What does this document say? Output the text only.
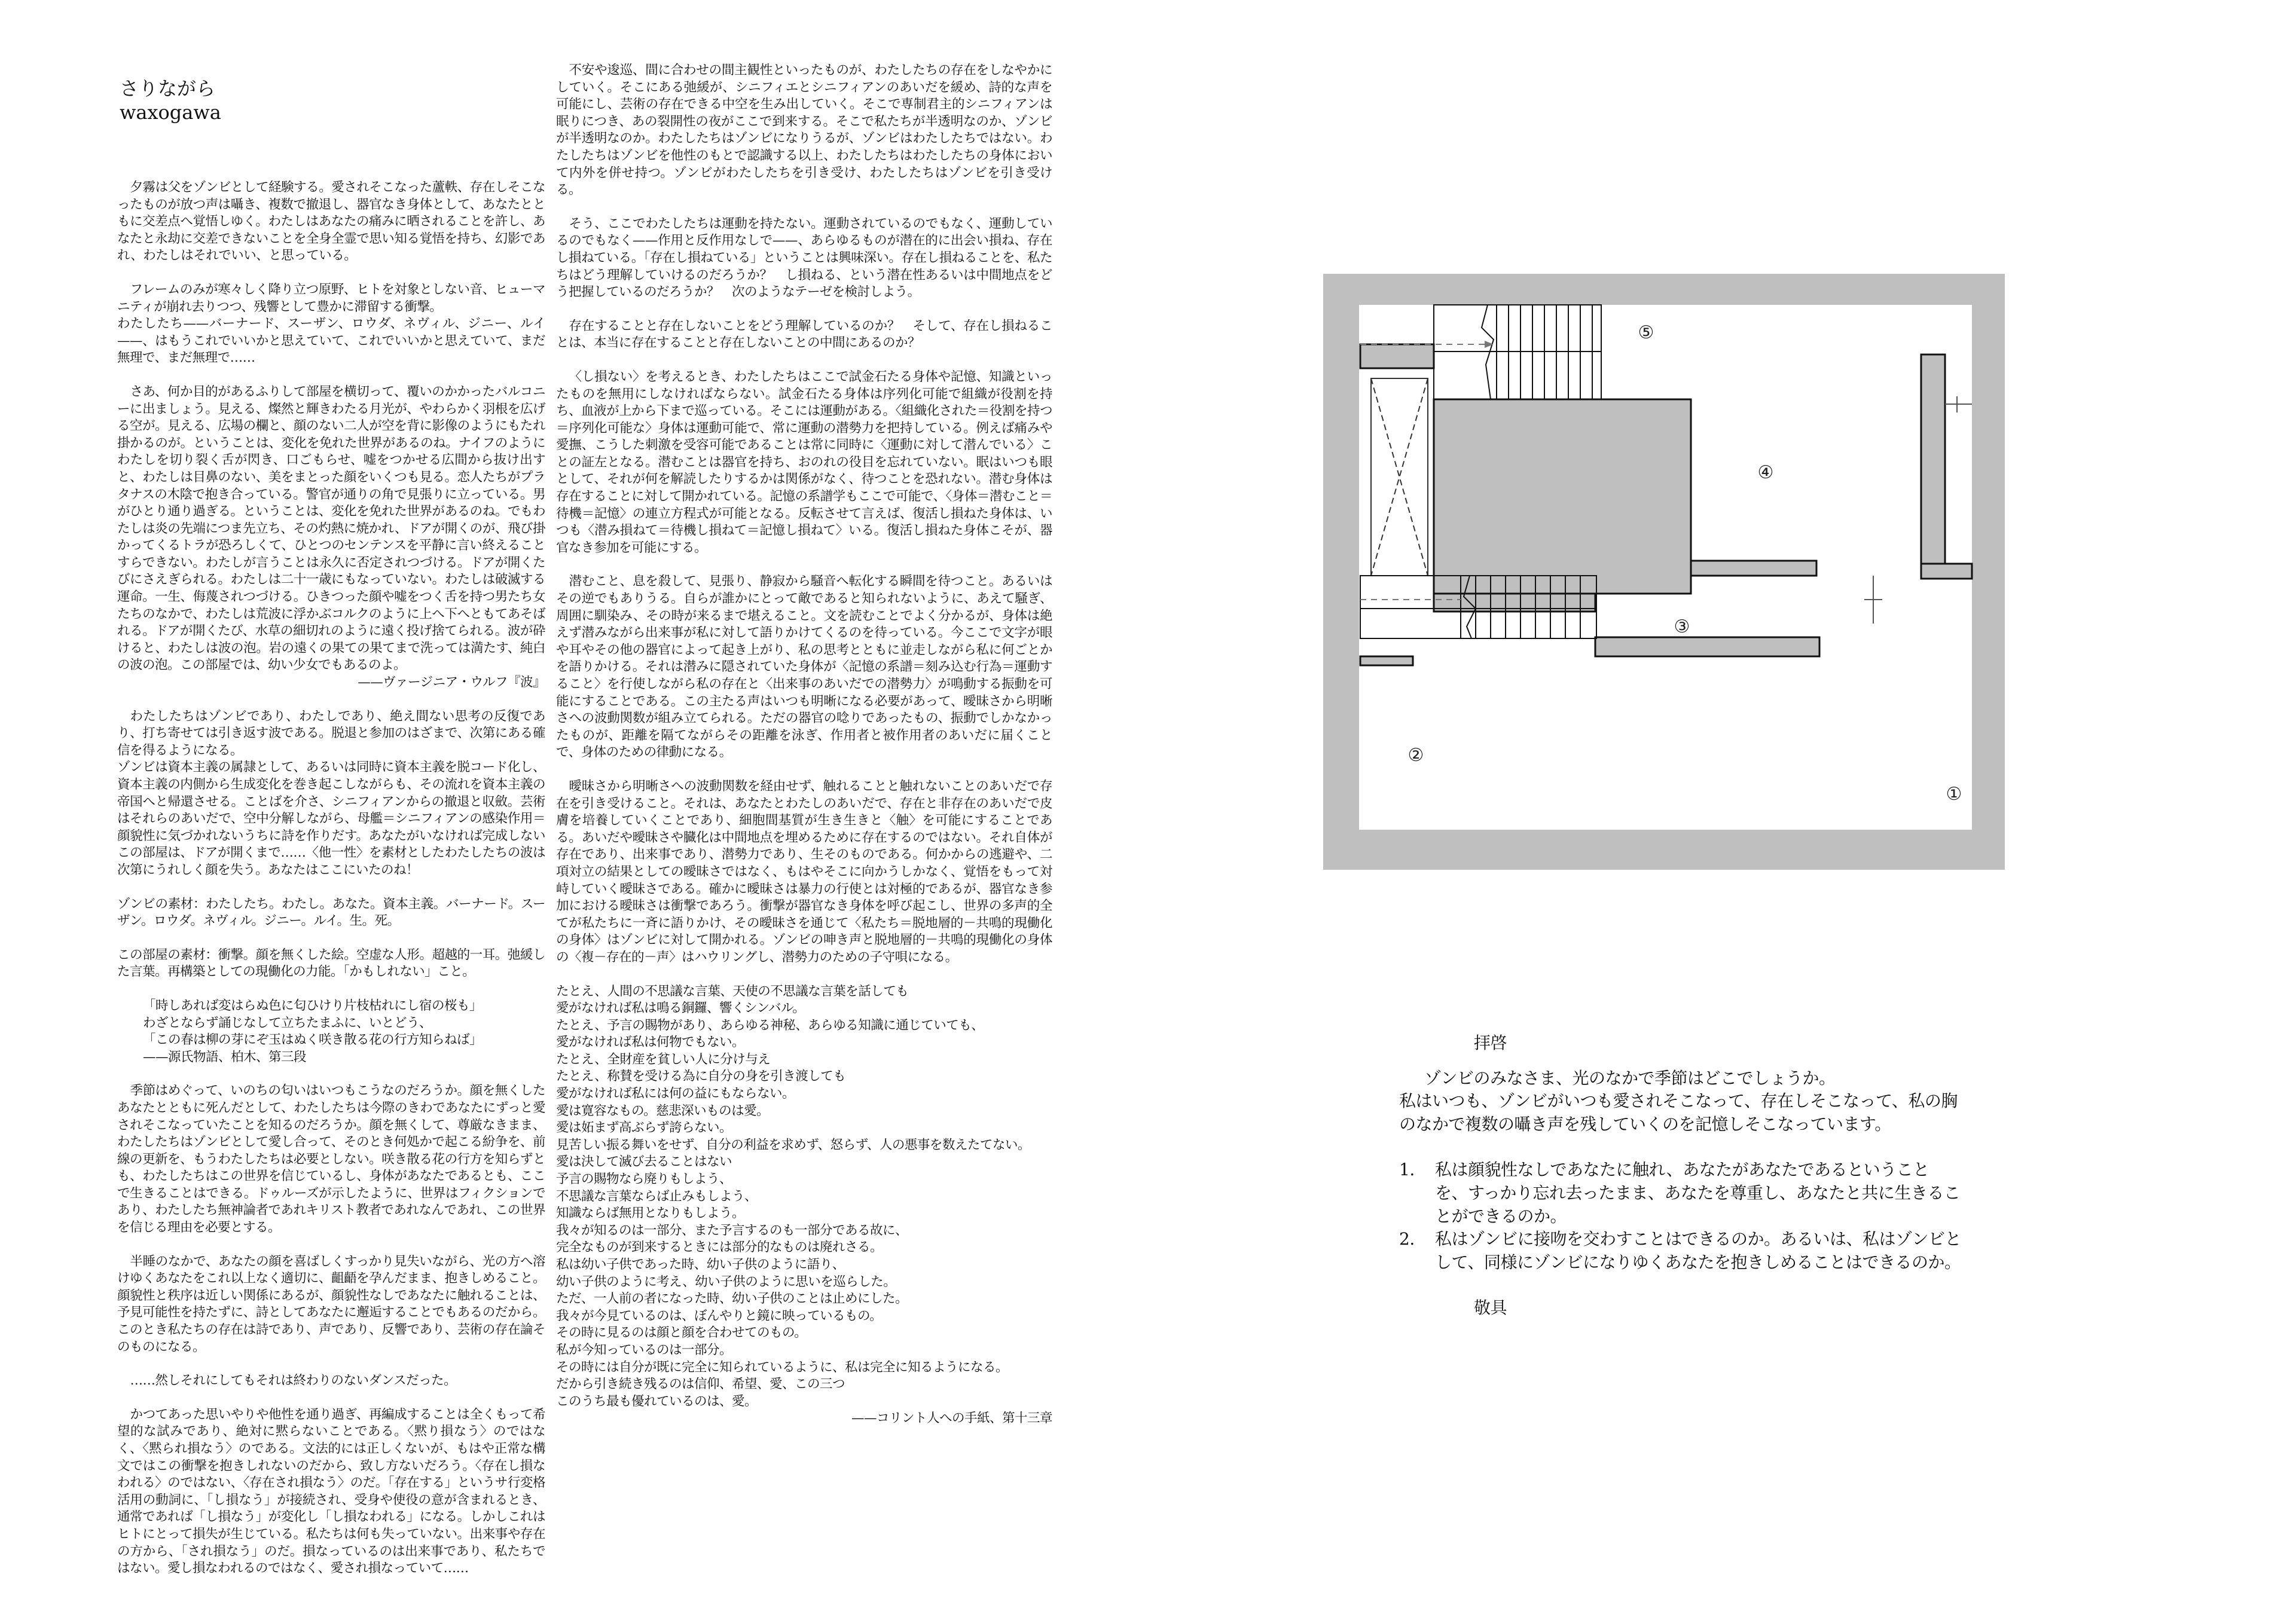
さりながら
waxogawa

夕霧は父をゾンビとして経験する。愛されそこなった蘆軼、存在しそこなったものが放つ声は囁き、複数で撤退し、器官なき身体として、あなたとともに交差点へ覚悟しゆく。わたしはあなたの痛みに晒されることを許し、あなたと永劫に交差できないことを全身全霊で思い知る覚悟を持ち、幻影であれ、わたしはそれでいい、と思っている。

フレームのみが寒々しく降り立つ原野、ヒトを対象としない音、ヒューマニティが崩れ去りつつ、残響として豊かに滞留する衝撃。
わたしたち——バーナード、スーザン、ロウダ、ネヴィル、ジニー、ルイ——、はもうこれでいいかと思えていて、これでいいかと思えていて、まだ無理で、まだ無理で……

さあ、何か目的があるふりして部屋を横切って、覆いのかかったバルコニーに出ましょう。見える、燦然と輝きわたる月光が、やわらかく羽根を広げる空が。見える、広場の欄と、顔のない二人が空を背に影像のようにもたれ掛かるのが。ということは、変化を免れた世界があるのね。ナイフのようにわたしを切り裂く舌が閃き、口ごもらせ、嘘をつかせる広間から抜け出すと、わたしは目鼻のない、美をまとった顔をいくつも見る。恋人たちがプラタナスの木陰で抱き合っている。警官が通りの角で見張りに立っている。男がひとり通り過ぎる。ということは、変化を免れた世界があるのね。でもわたしは炎の先端につま先立ち、その灼熱に焼かれ、ドアが開くのが、飛び掛かってくるトラが恐ろしくて、ひとつのセンテンスを平静に言い終えることすらできない。わたしが言うことは永久に否定されつづける。ドアが開くたびにさえぎられる。わたしは二十一歳にもなっていない。わたしは破滅する運命。一生、侮蔑されつづける。ひきつった顔や嘘をつく舌を持つ男たち女たちのなかで、わたしは荒波に浮かぶコルクのように上へ下へともてあそばれる。ドアが開くたび、水草の細切れのように遠く投げ捨てられる。波が砕けると、わたしは波の泡。岩の遠くの果ての果てまで洗っては満たす、純白の波の泡。この部屋では、幼い少女でもあるのよ。

——ヴァージニア・ウルフ『波』

わたしたちはゾンビであり、わたしであり、絶え間ない思考の反復であり、打ち寄せては引き返す波である。脱退と参加のはざまで、次第にある確信を得るようになる。
ゾンビは資本主義の属隷として、あるいは同時に資本主義を脱コード化し、資本主義の内側から生成変化を巻き起こしながらも、その流れを資本主義の帝国へと帰還させる。ことばを介さ、シニフィアンからの撤退と収斂。芸術はそれらのあいだで、空中分解しながら、母艦＝シニフィアンの感染作用＝顔貌性に気づかれないうちに詩を作りだす。あなたがいなければ完成しないこの部屋は、ドアが開くまで……〈他一性〉を素材としたわたしたちの波は次第にうれしく顔を失う。あなたはここにいたのね！

ゾンビの素材：わたしたち。わたし。あなた。資本主義。バーナード。スーザン。ロウダ。ネヴィル。ジニー。ルイ。生。死。

この部屋の素材：衝撃。顔を無くした絵。空虚な人形。超越的一耳。弛緩した言葉。再構築としての現働化の力能。「かもしれない」こと。

「時しあれば変はらぬ色に匂ひけり片枝枯れにし宿の桜も」
わざとならず誦じなして立ちたまふに、いとどう、
「この春は柳の芽にぞ玉はぬく咲き散る花の行方知らねば」
——源氏物語、柏木、第三段

季節はめぐって、いのちの匂いはいつもこうなのだろうか。顔を無くしたあなたとともに死んだとして、わたしたちは今際のきわであなたにずっと愛されそこなっていたことを知るのだろうか。顔を無くして、尊厳なきまま、わたしたちはゾンビとして愛し合って、そのとき何処かで起こる紛争を、前線の更新を、もうわたしたちは必要としない。咲き散る花の行方を知らずとも、わたしたちはこの世界を信じているし、身体があなたであるとも、ここで生きることはできる。ドゥルーズが示したように、世界はフィクションであり、わたしたち無神論者であれキリスト教者であれなんであれ、この世界を信じる理由を必要とする。

半睡のなかで、あなたの顔を喜ばしくすっかり見失いながら、光の方へ溶けゆくあなたをこれ以上なく適切に、齟齬を孕んだまま、抱きしめること。顔貌性と秩序は近しい関係にあるが、顔貌性なしであなたに触れることは、予見可能性を持たずに、詩としてあなたに邂逅することでもあるのだから。このとき私たちの存在は詩であり、声であり、反響であり、芸術の存在論そのものになる。

……然しそれにしてもそれは終わりのないダンスだった。

かつてあった思いやりや他性を通り過ぎ、再編成することは全くもって希望的な試みであり、絶対に黙らないことである。〈黙り損なう〉のではなく、〈黙られ損なう〉のである。文法的には正しくないが、もはや正常な構文ではこの衝撃を抱きしれないのだから、致し方ないだろう。〈存在し損なわれる〉のではない、〈存在され損なう〉のだ。「存在する」というサ行変格活用の動詞に、「し損なう」が接続され、受身や使役の意が含まれるとき、通常であれば「し損なう」が変化し「し損なわれる」になる。しかしこれはヒトにとって損失が生じている。私たちは何も失っていない。出来事や存在の方から、「され損なう」のだ。損なっているのは出来事であり、私たちではない。愛し損なわれるのではなく、愛され損なっていて……

不安や逡巡、間に合わせの間主観性といったものが、わたしたちの存在をしなやかにしていく。そこにある弛緩が、シニフィエとシニフィアンのあいだを緩め、詩的な声を可能にし、芸術の存在できる中空を生み出していく。そこで専制君主的シニフィアンは眠りにつき、あの裂開性の夜がここで到来する。そこで私たちが半透明なのか、ゾンビが半透明なのか。わたしたちはゾンビになりうるが、ゾンビはわたしたちではない。わたしたちはゾンビを他性のもとで認識する以上、わたしたちはわたしたちの身体において内外を併せ持つ。ゾンビがわたしたちを引き受け、わたしたちはゾンビを引き受ける。

そう、ここでわたしたちは運動を持たない。運動されているのでもなく、運動しているのでもなく——作用と反作用なしで——、あらゆるものが潜在的に出会い損ね、存在し損ねている。「存在し損ねている」ということは興味深い。存在し損ねることを、私たちはどう理解していけるのだろうか？　し損ねる、という潜在性あるいは中間地点をどう把握しているのだろうか？　次のようなテーゼを検討しよう。

存在することと存在しないことをどう理解しているのか？　そして、存在し損ねることは、本当に存在することと存在しないことの中間にあるのか？

〈し損ない〉を考えるとき、わたしたちはここで試金石たる身体や記憶、知識といったものを無用にしなければならない。試金石たる身体は序列化可能で組織が役割を持ち、血液が上から下まで巡っている。そこには運動がある。〈組織化された＝役割を持つ＝序列化可能な〉身体は運動可能で、常に運動の潜勢力を把持している。例えば痛みや愛撫、こうした刺激を受容可能であることは常に同時に〈運動に対して潜んでいる〉ことの証左となる。潜むことは器官を持ち、おのれの役目を忘れていない。眠はいつも眼として、それが何を解読したりするかは関係がなく、待つことを恐れない。潜む身体は存在することに対して開かれている。記憶の系譜学もここで可能で、〈身体＝潜むこと＝待機＝記憶〉の連立方程式が可能となる。反転させて言えば、復活し損ねた身体は、いつも〈潜み損ねて＝待機し損ねて＝記憶し損ねて〉いる。復活し損ねた身体こそが、器官なき参加を可能にする。

潜むこと、息を殺して、見張り、静寂から騒音へ転化する瞬間を待つこと。あるいはその逆でもありうる。自らが誰かにとって敵であると知られないように、あえて騒ぎ、周囲に馴染み、その時が来るまで堪えること。文を読むことでよく分かるが、身体は絶えず潜みながら出来事が私に対して語りかけてくるのを待っている。今ここで文字が眼や耳やその他の器官によって起き上がり、私の思考とともに並走しながら私に何ごとかを語りかける。それは潜みに隠されていた身体が〈記憶の系譜＝刻み込む行為＝運動すること〉を行使しながら私の存在と〈出来事のあいだでの潜勢力〉が鳴動する振動を可能にすることである。この主たる声はいつも明晰になる必要があって、曖昧さから明晰さへの波動関数が組み立てられる。ただの器官の唸りであったもの、振動でしかなかったものが、距離を隔てながらその距離を泳ぎ、作用者と被作用者のあいだに届くことで、身体のための律動になる。

曖昧さから明晰さへの波動関数を経由せず、触れることと触れないことのあいだで存在を引き受けること。それは、あなたとわたしのあいだで、存在と非存在のあいだで皮膚を培養していくことであり、細胞間基質が生き生きと〈触〉を可能にすることである。あいだや曖昧さや臓化は中間地点を埋めるために存在するのではない。それ自体が存在であり、出来事であり、潜勢力であり、生そのものである。何かからの逃避や、二項対立の結果としての曖昧さではなく、もはやそこに向かうしかなく、覚悟をもって対峙していく曖昧さである。確かに曖昧さは暴力の行使とは対極的であるが、器官なき参加における曖昧さは衝撃であろう。衝撃が器官なき身体を呼び起こし、世界の多声的全てが私たちに一斉に語りかけ、その曖昧さを通じて〈私たち＝脱地層的－共鳴的現働化の身体〉はゾンビに対して開かれる。ゾンビの呻き声と脱地層的－共鳴的現働化の身体の〈複－存在的－声〉はハウリングし、潜勢力のための子守唄になる。

たとえ、人間の不思議な言葉、天使の不思議な言葉を話しても
愛がなければ私は鳴る銅鑼、響くシンバル。
たとえ、予言の賜物があり、あらゆる神秘、あらゆる知識に通じていても、
愛がなければ私は何物でもない。
たとえ、全財産を貧しい人に分け与え
たとえ、称賛を受ける為に自分の身を引き渡しても
愛がなければ私には何の益にもならない。
愛は寛容なもの。慈悲深いものは愛。
愛は妬まず高ぶらず誇らない。
見苦しい振る舞いをせず、自分の利益を求めず、怒らず、人の悪事を数えたてない。
愛は決して滅び去ることはない
予言の賜物なら廃りもしよう、
不思議な言葉ならば止みもしよう、
知識ならば無用となりもしよう。
我々が知るのは一部分、また予言するのも一部分である故に、
完全なものが到来するときには部分的なものは廃れさる。
私は幼い子供であった時、幼い子供のように語り、
幼い子供のように考え、幼い子供のように思いを巡らした。
ただ、一人前の者になった時、幼い子供のことは止めにした。
我々が今見ているのは、ぼんやりと鏡に映っているもの。
その時に見るのは顔と顔を合わせてのもの。
私が今知っているのは一部分。
その時には自分が既に完全に知られているように、私は完全に知るようになる。
だから引き続き残るのは信仰、希望、愛、この三つ
このうち最も優れているのは、愛。

——コリント人への手紙、第十三章

①
②
③
④
⑤

拝啓

ゾンビのみなさま、光のなかで季節はどこでしょうか。

私はいつも、ゾンビがいつも愛されそこなって、存在しそこなって、私の胸のなかで複数の囁き声を残していくのを記憶しそこなっています。

1.	私は顔貌性なしであなたに触れ、あなたがあなたであるということを、すっかり忘れ去ったまま、あなたを尊重し、あなたと共に生きることができるのか。
2.	私はゾンビに接吻を交わすことはできるのか。あるいは、私はゾンビとして、同様にゾンビになりゆくあなたを抱きしめることはできるのか。

敬具
